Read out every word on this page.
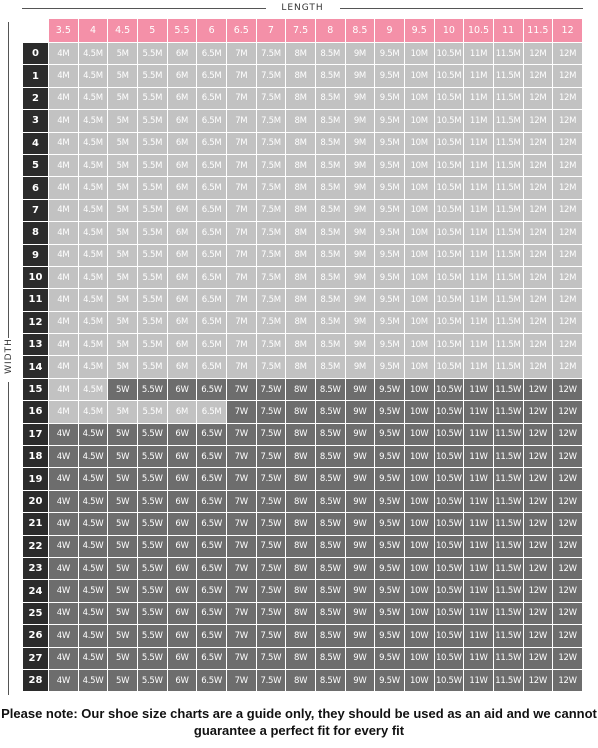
LENGTH
WIDTH
	3.5	4	4.5	5	5.5	6	6.5	7	7.5	8	8.5	9	9.5	10	10.5	11	11.5	12
0	4M	4.5M	5M	5.5M	6M	6.5M	7M	7.5M	8M	8.5M	9M	9.5M	10M	10.5M	11M	11.5M	12M	12M
1	4M	4.5M	5M	5.5M	6M	6.5M	7M	7.5M	8M	8.5M	9M	9.5M	10M	10.5M	11M	11.5M	12M	12M
2	4M	4.5M	5M	5.5M	6M	6.5M	7M	7.5M	8M	8.5M	9M	9.5M	10M	10.5M	11M	11.5M	12M	12M
3	4M	4.5M	5M	5.5M	6M	6.5M	7M	7.5M	8M	8.5M	9M	9.5M	10M	10.5M	11M	11.5M	12M	12M
4	4M	4.5M	5M	5.5M	6M	6.5M	7M	7.5M	8M	8.5M	9M	9.5M	10M	10.5M	11M	11.5M	12M	12M
5	4M	4.5M	5M	5.5M	6M	6.5M	7M	7.5M	8M	8.5M	9M	9.5M	10M	10.5M	11M	11.5M	12M	12M
6	4M	4.5M	5M	5.5M	6M	6.5M	7M	7.5M	8M	8.5M	9M	9.5M	10M	10.5M	11M	11.5M	12M	12M
7	4M	4.5M	5M	5.5M	6M	6.5M	7M	7.5M	8M	8.5M	9M	9.5M	10M	10.5M	11M	11.5M	12M	12M
8	4M	4.5M	5M	5.5M	6M	6.5M	7M	7.5M	8M	8.5M	9M	9.5M	10M	10.5M	11M	11.5M	12M	12M
9	4M	4.5M	5M	5.5M	6M	6.5M	7M	7.5M	8M	8.5M	9M	9.5M	10M	10.5M	11M	11.5M	12M	12M
10	4M	4.5M	5M	5.5M	6M	6.5M	7M	7.5M	8M	8.5M	9M	9.5M	10M	10.5M	11M	11.5M	12M	12M
11	4M	4.5M	5M	5.5M	6M	6.5M	7M	7.5M	8M	8.5M	9M	9.5M	10M	10.5M	11M	11.5M	12M	12M
12	4M	4.5M	5M	5.5M	6M	6.5M	7M	7.5M	8M	8.5M	9M	9.5M	10M	10.5M	11M	11.5M	12M	12M
13	4M	4.5M	5M	5.5M	6M	6.5M	7M	7.5M	8M	8.5M	9M	9.5M	10M	10.5M	11M	11.5M	12M	12M
14	4M	4.5M	5M	5.5M	6M	6.5M	7M	7.5M	8M	8.5M	9M	9.5M	10M	10.5M	11M	11.5M	12M	12M
15	4M	4.5M	5W	5.5W	6W	6.5W	7W	7.5W	8W	8.5W	9W	9.5W	10W	10.5W	11W	11.5W	12W	12W
16	4M	4.5M	5M	5.5M	6M	6.5M	7W	7.5W	8W	8.5W	9W	9.5W	10W	10.5W	11W	11.5W	12W	12W
17	4W	4.5W	5W	5.5W	6W	6.5W	7W	7.5W	8W	8.5W	9W	9.5W	10W	10.5W	11W	11.5W	12W	12W
18	4W	4.5W	5W	5.5W	6W	6.5W	7W	7.5W	8W	8.5W	9W	9.5W	10W	10.5W	11W	11.5W	12W	12W
19	4W	4.5W	5W	5.5W	6W	6.5W	7W	7.5W	8W	8.5W	9W	9.5W	10W	10.5W	11W	11.5W	12W	12W
20	4W	4.5W	5W	5.5W	6W	6.5W	7W	7.5W	8W	8.5W	9W	9.5W	10W	10.5W	11W	11.5W	12W	12W
21	4W	4.5W	5W	5.5W	6W	6.5W	7W	7.5W	8W	8.5W	9W	9.5W	10W	10.5W	11W	11.5W	12W	12W
22	4W	4.5W	5W	5.5W	6W	6.5W	7W	7.5W	8W	8.5W	9W	9.5W	10W	10.5W	11W	11.5W	12W	12W
23	4W	4.5W	5W	5.5W	6W	6.5W	7W	7.5W	8W	8.5W	9W	9.5W	10W	10.5W	11W	11.5W	12W	12W
24	4W	4.5W	5W	5.5W	6W	6.5W	7W	7.5W	8W	8.5W	9W	9.5W	10W	10.5W	11W	11.5W	12W	12W
25	4W	4.5W	5W	5.5W	6W	6.5W	7W	7.5W	8W	8.5W	9W	9.5W	10W	10.5W	11W	11.5W	12W	12W
26	4W	4.5W	5W	5.5W	6W	6.5W	7W	7.5W	8W	8.5W	9W	9.5W	10W	10.5W	11W	11.5W	12W	12W
27	4W	4.5W	5W	5.5W	6W	6.5W	7W	7.5W	8W	8.5W	9W	9.5W	10W	10.5W	11W	11.5W	12W	12W
28	4W	4.5W	5W	5.5W	6W	6.5W	7W	7.5W	8W	8.5W	9W	9.5W	10W	10.5W	11W	11.5W	12W	12W
Please note: Our shoe size charts are a guide only, they should be used as an aid and we cannot guarantee a perfect fit for every fit
